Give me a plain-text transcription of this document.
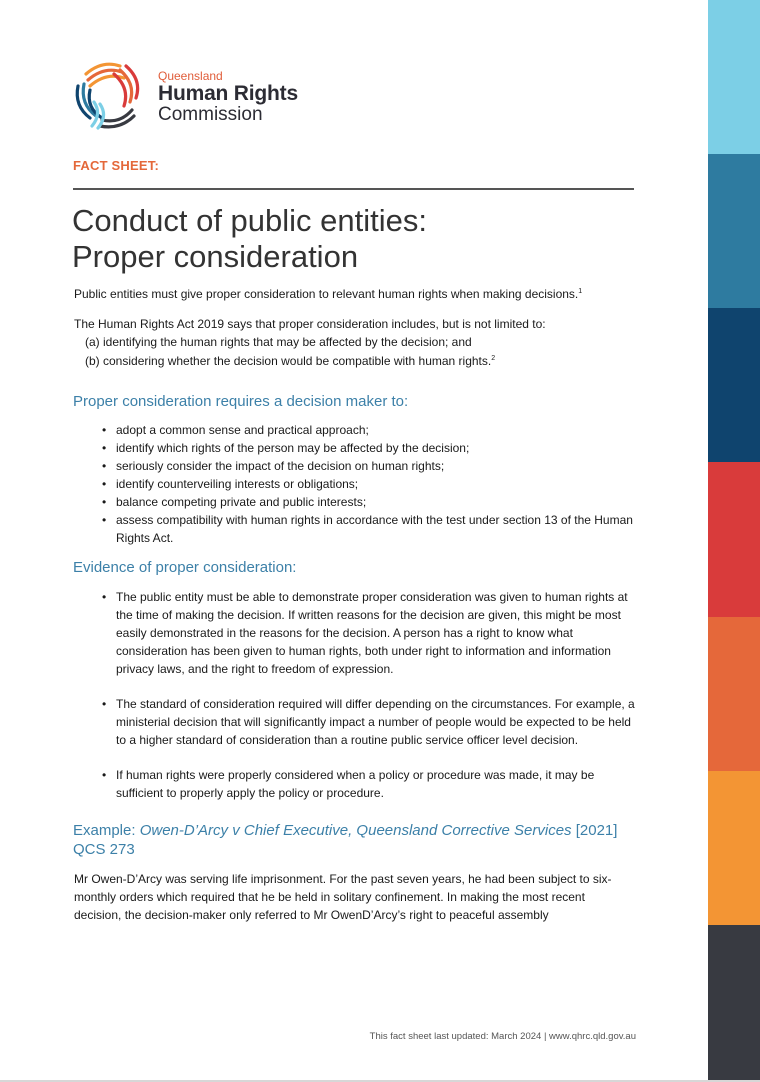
Queensland
Human Rights
Commission
FACT SHEET:
Conduct of public entities:
Proper consideration

Public entities must give proper consideration to relevant human rights when making decisions.$^1$

The Human Rights Act 2019 says that proper consideration includes, but is not limited to:

(a) identifying the human rights that may be affected by the decision; and
(b) considering whether the decision would be compatible with human rights.$^2$
Proper consideration requires a decision maker to:
• adopt a common sense and practical approach;
• identify which rights of the person may be affected by the decision;
• seriously consider the impact of the decision on human rights;
• identify counterveiling interests or obligations;
• balance competing private and public interests;
• assess compatibility with human rights in accordance with the test under section 13 of the Human Rights Act.
Evidence of proper consideration:
• The public entity must be able to demonstrate proper consideration was given to human rights at the time of making the decision. If written reasons for the decision are given, this might be most easily demonstrated in the reasons for the decision. A person has a right to know what consideration has been given to human rights, both under right to information and information privacy laws, and the right to freedom of expression.
• The standard of consideration required will differ depending on the circumstances. For example, a ministerial decision that will significantly impact a number of people would be expected to be held to a higher standard of consideration than a routine public service officer level decision.
• If human rights were properly considered when a policy or procedure was made, it may be sufficient to properly apply the policy or procedure.
Example: Owen-D’Arcy v Chief Executive, Queensland Corrective Services [2021] QCS 273

Mr Owen-D’Arcy was serving life imprisonment. For the past seven years, he had been subject to six-monthly orders which required that he be held in solitary confinement. In making the most recent decision, the decision-maker only referred to Mr OwenD’Arcy’s right to peaceful assembly

This fact sheet last updated: March 2024 | www.qhrc.qld.gov.au
